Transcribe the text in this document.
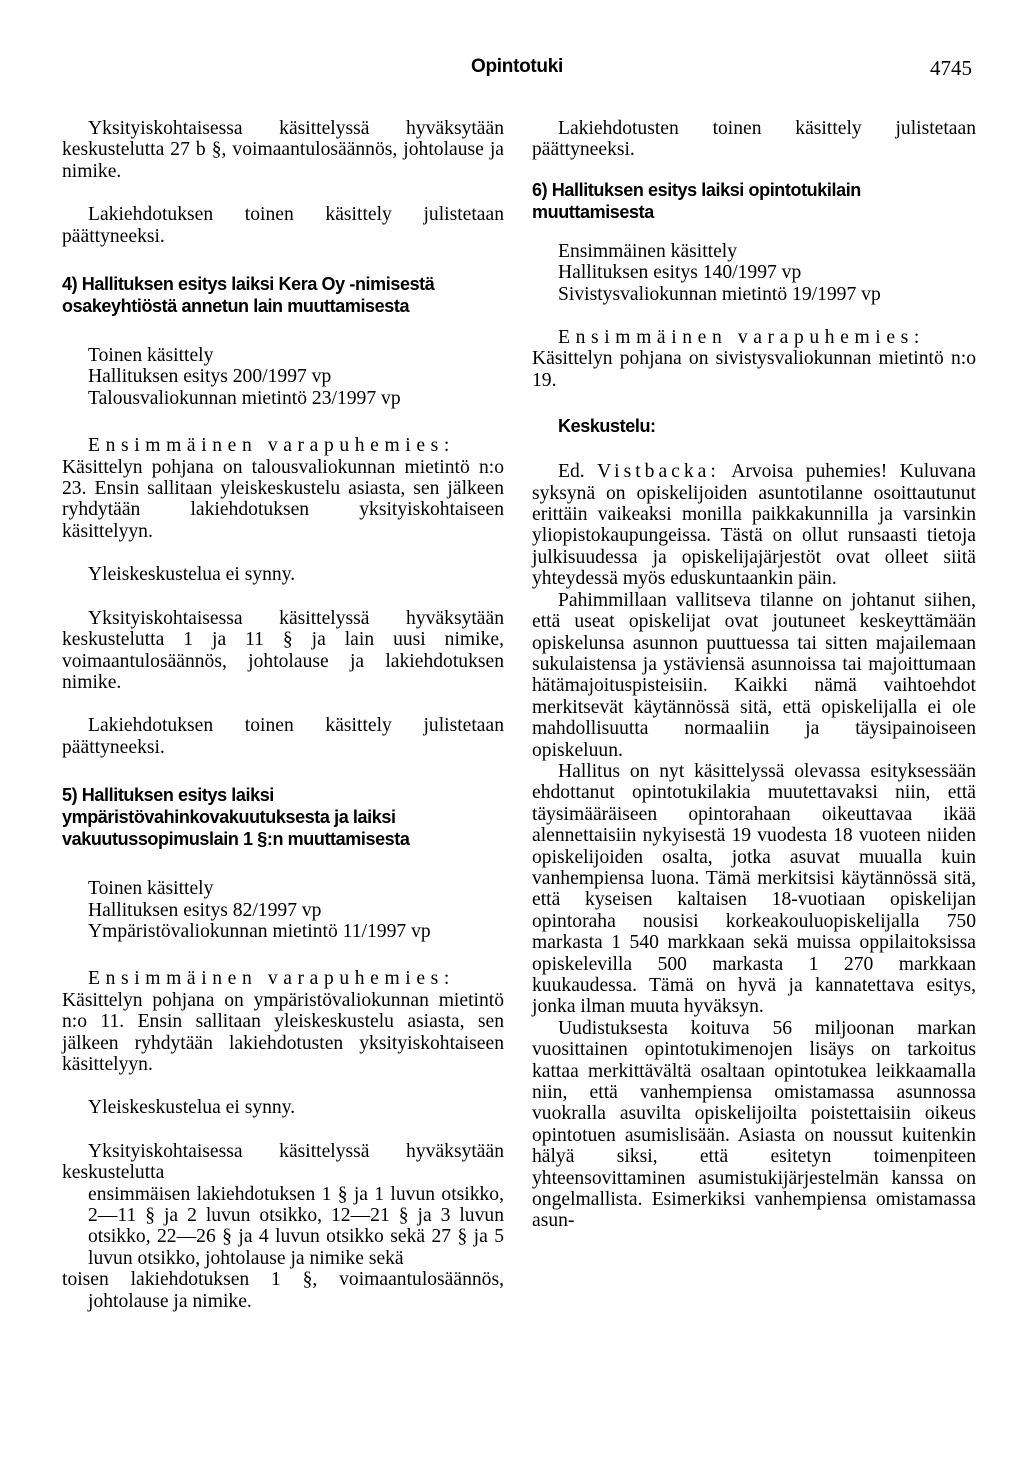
Opintotuki	4745

Yksityiskohtaisessa käsittelyssä hyväksytään keskustelutta 27 b §, voimaantulosäännös, johtolause ja nimike.

Lakiehdotuksen toinen käsittely julistetaan päättyneeksi.

4) Hallituksen esitys laiksi Kera Oy -nimisestä osakeyhtiöstä annetun lain muuttamisesta

Toinen käsittely

Hallituksen esitys 200/1997 vp

Talousvaliokunnan mietintö 23/1997 vp

Ensimmäinen varapuhemies:

Käsittelyn pohjana on talousvaliokunnan mietintö n:o 23. Ensin sallitaan yleiskeskustelu asiasta, sen jälkeen ryhdytään lakiehdotuksen yksityiskohtaiseen käsittelyyn.

Yleiskeskustelua ei synny.

Yksityiskohtaisessa käsittelyssä hyväksytään keskustelutta 1 ja 11 § ja lain uusi nimike, voimaantulosäännös, johtolause ja lakiehdotuksen nimike.

Lakiehdotuksen toinen käsittely julistetaan päättyneeksi.

5) Hallituksen esitys laiksi ympäristövahinkovakuutuksesta ja laiksi vakuutussopimuslain 1 §:n muuttamisesta

Toinen käsittely

Hallituksen esitys 82/1997 vp

Ympäristövaliokunnan mietintö 11/1997 vp

Ensimmäinen varapuhemies:

Käsittelyn pohjana on ympäristövaliokunnan mietintö n:o 11. Ensin sallitaan yleiskeskustelu asiasta, sen jälkeen ryhdytään lakiehdotusten yksityiskohtaiseen käsittelyyn.

Yleiskeskustelua ei synny.

Yksityiskohtaisessa käsittelyssä hyväksytään keskustelutta

ensimmäisen lakiehdotuksen 1 § ja 1 luvun otsikko, 2—11 § ja 2 luvun otsikko, 12—21 § ja 3 luvun otsikko, 22—26 § ja 4 luvun otsikko sekä 27 § ja 5 luvun otsikko, johtolause ja nimike sekä

toisen lakiehdotuksen 1 §, voimaantulosäännös, johtolause ja nimike.

Lakiehdotusten toinen käsittely julistetaan päättyneeksi.

6) Hallituksen esitys laiksi opintotukilain muuttamisesta

Ensimmäinen käsittely

Hallituksen esitys 140/1997 vp

Sivistysvaliokunnan mietintö 19/1997 vp

Ensimmäinen varapuhemies:

Käsittelyn pohjana on sivistysvaliokunnan mietintö n:o 19.

Keskustelu:

Ed. Vistbacka: Arvoisa puhemies! Kuluvana syksynä on opiskelijoiden asuntotilanne osoittautunut erittäin vaikeaksi monilla paikkakunnilla ja varsinkin yliopistokaupungeissa. Tästä on ollut runsaasti tietoja julkisuudessa ja opiskelijajärjestöt ovat olleet siitä yhteydessä myös eduskuntaankin päin.

Pahimmillaan vallitseva tilanne on johtanut siihen, että useat opiskelijat ovat joutuneet keskeyttämään opiskelunsa asunnon puuttuessa tai sitten majailemaan sukulaistensa ja ystäviensä asunnoissa tai majoittumaan hätämajoituspisteisiin. Kaikki nämä vaihtoehdot merkitsevät käytännössä sitä, että opiskelijalla ei ole mahdollisuutta normaaliin ja täysipainoiseen opiskeluun.

Hallitus on nyt käsittelyssä olevassa esityksessään ehdottanut opintotukilakia muutettavaksi niin, että täysimääräiseen opintorahaan oikeuttavaa ikää alennettaisiin nykyisestä 19 vuodesta 18 vuoteen niiden opiskelijoiden osalta, jotka asuvat muualla kuin vanhempiensa luona. Tämä merkitsisi käytännössä sitä, että kyseisen kaltaisen 18-vuotiaan opiskelijan opintoraha nousisi korkeakouluopiskelijalla 750 markasta 1 540 markkaan sekä muissa oppilaitoksissa opiskelevilla 500 markasta 1 270 markkaan kuukaudessa. Tämä on hyvä ja kannatettava esitys, jonka ilman muuta hyväksyn.

Uudistuksesta koituva 56 miljoonan markan vuosittainen opintotukimenojen lisäys on tarkoitus kattaa merkittävältä osaltaan opintotukea leikkaamalla niin, että vanhempiensa omistamassa asunnossa vuokralla asuvilta opiskelijoilta poistettaisiin oikeus opintotuen asumislisään. Asiasta on noussut kuitenkin hälyä siksi, että esitetyn toimenpiteen yhteensovittaminen asumistukijärjestelmän kanssa on ongelmallista. Esimerkiksi vanhempiensa omistamassa asun-
